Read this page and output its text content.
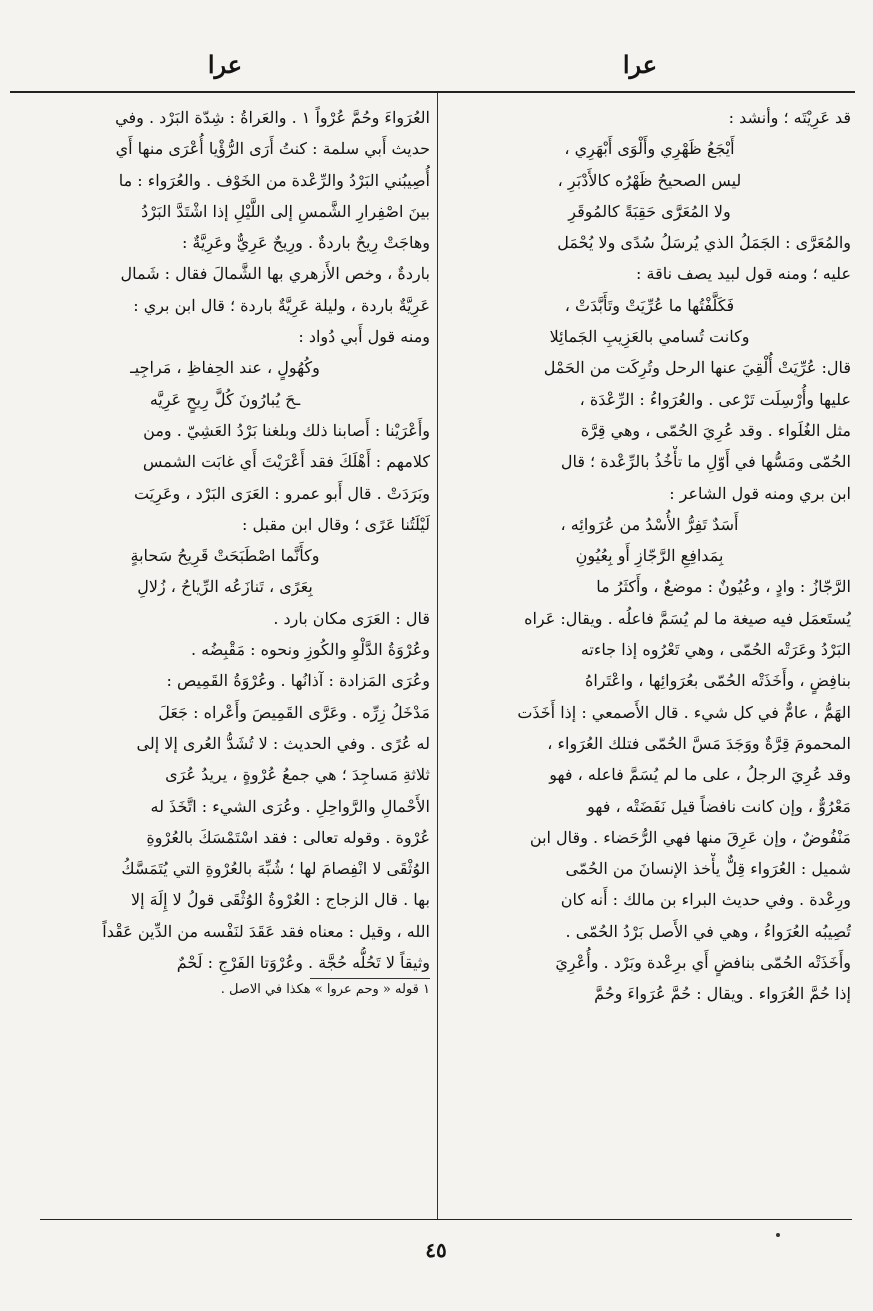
عرا
عرا
قد عَرِيْتَه ؛ وأنشد :
أَيْجَعُ ظَهْرِي وأَلْوَى أَبْهَرِي ،
ليس الصحيحُ ظَهْرُه كالأَدْبَرِ ،
ولا المُعَرَّى حَقِبَةً كالمُوقَرِ
والمُعَرَّى : الجَمَلُ الذي يُرسَلُ سُدًى ولا يُحْمَل
عليه ؛ ومنه قول لبيد يصف ناقة :
فَكَلَّفْتُها ما عُرِّيَتْ وتَأَبَّدَتْ ،
وكانت تُسامي بالعَزِيبِ الجَمائِلا
قال: عُرِّيَتْ أُلْقِيَ عنها الرحل وتُرِكَت من الحَمْل
عليها وأُرْسِلَت تَرْعى . والعُرَواءُ : الرِّعْدَة ،
مثل الغُلَواء . وقد عُرِيَ الحُمّى ، وهي قِرَّة
الحُمّى ومَسُّها في أَوّلِ ما تأْخُذُ بالرِّعْدة ؛ قال
ابن بري ومنه قول الشاعر :
أَسَدٌ تَفِرُّ الأُسْدُ من عُرَوائِه ،
بِمَدافِعِ الرَّجّازِ أَو بِعُيُونِ
الرَّجّازُ : وادٍ ، وعُيُونٌ : موضعٌ ، وأَكثَرُ ما
يُستَعمَل فيه صيغة ما لم يُسَمَّ فاعلُه . ويقال: عَراه
البَرْدُ وعَرَتْه الحُمّى ، وهي تَعْرُوه إذا جاءته
بنافِضٍ ، وأَخَذَتْه الحُمّى بعُرَوائِها ، واعْتَراهُ
الهَمُّ ، عامٌّ في كل شيء . قال الأَصمعي : إذا أَخَذَت
المحمومَ قِرَّةٌ ووَجَدَ مَسَّ الحُمّى فتلك العُرَواء ،
وقد عُرِيَ الرجلُ ، على ما لم يُسَمَّ فاعله ، فهو
مَعْرُوٌّ ، وإن كانت نافضاً قيل نَفَضَتْه ، فهو
مَنْفُوضٌ ، وإن عَرِقَ منها فهي الرُّحَضاء . وقال ابن
شميل : العُرَواء قِلٌّ يأْخذ الإنسانَ من الحُمّى
ورِعْدة . وفي حديث البراء بن مالك : أَنه كان
تُصِيبُه العُرَواءُ ، وهي في الأَصل بَرْدُ الحُمّى .
وأَخَذَتْه الحُمّى بنافضٍ أَي برِعْدة وبَرْد . وأُعْرِيَ
إذا حُمَّ العُرَواء . ويقال : حُمَّ عُرَواءَ وحُمَّ
العُرَواءَ وحُمَّ عُرْواً ١ . والعَراةُ : شِدّة البَرْد . وفي
حديث أَبي سلمة : كنتُ أَرَى الرُّؤْيا أُعْرَى منها أَي
أُصِيبُني البَرْدُ والرِّعْدة من الخَوْف . والعُرَواء : ما
بينَ اصْفِرارِ الشَّمسِ إلى اللَّيْلِ إذا اشْتَدَّ البَرْدُ
وهاجَتْ رِيحٌ باردةٌ . ورِيحٌ عَرِيٌّ وعَرِيَّةٌ :
باردةٌ ، وخص الأَزهري بها الشَّمالَ فقال : شَمال
عَرِيَّةٌ باردة ، وليلة عَرِيَّةٌ باردة ؛ قال ابن بري :
ومنه قول أَبي دُواد :
وكُهُولٍ ، عند الحِفاظِ ، مَراجِيـ
ـحَ يُبارُونَ كُلَّ رِيحٍ عَرِيَّه
وأَعْرَيْنا : أَصابنا ذلك وبلغنا بَرْدُ العَشِيّ . ومن
كلامهم : أَهْلَكَ فقد أَعْرَيْتَ أَي غابَت الشمس
وبَرَدَتْ . قال أَبو عمرو : العَرَى البَرْد ، وعَرِيَت
لَيْلَتُنا عَرًى ؛ وقال ابن مقبل :
وكأَنَّما اصْطَبَحَتْ قَرِيحُ سَحابةٍ
بِعَرًى ، تَنازَعُه الرِّياحُ ، زُلالِ
قال : العَرَى مكان بارد .
وعُرْوَةُ الدَّلْوِ والكُوزِ ونحوه : مَقْبِضُه .
وعُرَى المَزادة : آذانُها . وعُرْوَةُ القَمِيص :
مَدْخَلُ زِرِّه . وعَرَّى القَمِيصَ وأَعْراه : جَعَلَ
له عُرًى . وفي الحديث : لا تُشَدُّ العُرى إلا إلى
ثلاثةِ مَساجِدَ ؛ هي جمعُ عُرْوةٍ ، يريدُ عُرَى
الأَحْمالِ والرَّواحِلِ . وعُرَى الشيء : اتَّخَذَ له
عُرْوة . وقوله تعالى : فقد اسْتَمْسَكَ بالعُرْوةِ
الوُثْقَى لا انْفِصامَ لها ؛ شُبِّهَ بالعُرْوةِ التي يُتَمَسَّكُ
بها . قال الزجاج : العُرْوةُ الوُثْقَى قولُ لا إِلَهَ إلا
الله ، وقيل : معناه فقد عَقَدَ لنَفْسه من الدِّين عَقْداً
وثيقاً لا تَحُلُّه حُجَّة . وعُرْوَتا الفَرْجِ : لَحْمٌ
١ قوله « وحم عروا » هكذا في الاصل .
٤٥
